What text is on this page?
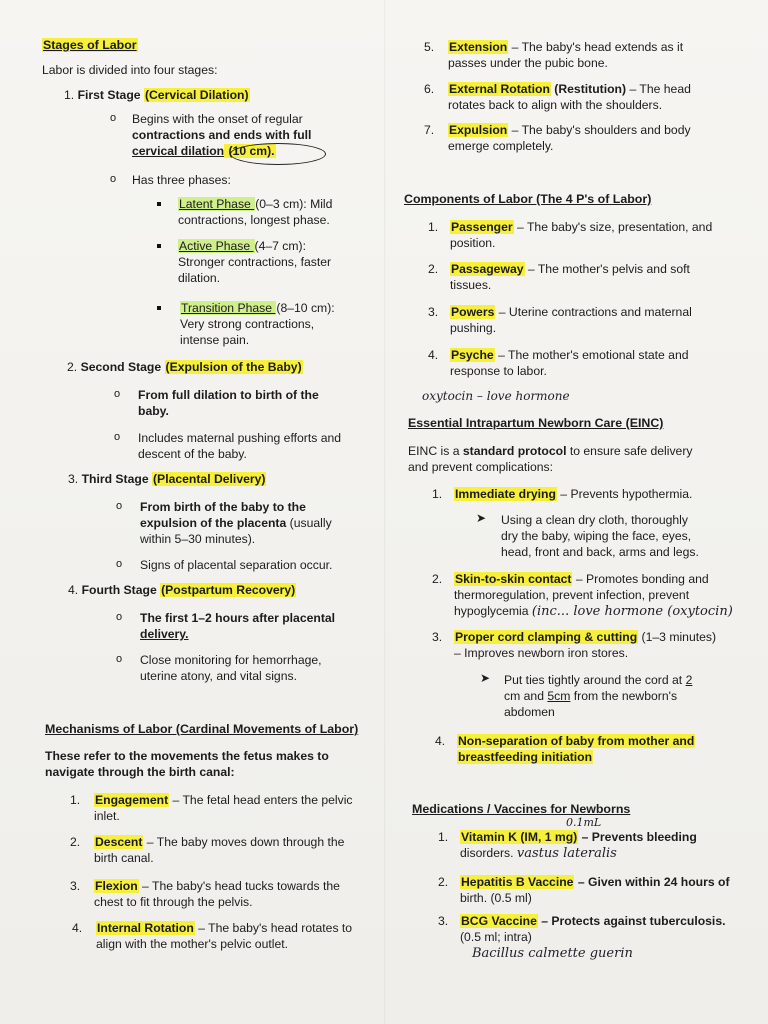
Stages of Labor
Labor is divided into four stages:
1. First Stage (Cervical Dilation)
o Begins with the onset of regular
contractions and ends with full
cervical dilation (10 cm).
o Has three phases:
Latent Phase (0–3 cm): Mild
contractions, longest phase.
Active Phase (4–7 cm):
Stronger contractions, faster
dilation.
Transition Phase (8–10 cm):
Very strong contractions,
intense pain.
2. Second Stage (Expulsion of the Baby)
o From full dilation to birth of the
baby.
o Includes maternal pushing efforts and
descent of the baby.
3. Third Stage (Placental Delivery)
o From birth of the baby to the
expulsion of the placenta (usually
within 5–30 minutes).
o Signs of placental separation occur.
4. Fourth Stage (Postpartum Recovery)
o The first 1–2 hours after placental
delivery.
o Close monitoring for hemorrhage,
uterine atony, and vital signs.
Mechanisms of Labor (Cardinal Movements of Labor)
These refer to the movements the fetus makes to
navigate through the birth canal:
1.	Engagement – The fetal head enters the pelvic
inlet.
2.	Descent – The baby moves down through the
birth canal.
3.	Flexion – The baby's head tucks towards the
chest to fit through the pelvis.
4.	Internal Rotation – The baby's head rotates to
align with the mother's pelvic outlet.
5.	Extension – The baby's head extends as it
passes under the pubic bone.
6.	External Rotation (Restitution) – The head
rotates back to align with the shoulders.
7.	Expulsion – The baby's shoulders and body
emerge completely.
Components of Labor (The 4 P's of Labor)
1.	Passenger – The baby's size, presentation, and
position.
2.	Passageway – The mother's pelvis and soft
tissues.
3.	Powers – Uterine contractions and maternal
pushing.
4.	Psyche – The mother's emotional state and
response to labor.
oxytocin – love hormone
Essential Intrapartum Newborn Care (EINC)
EINC is a standard protocol to ensure safe delivery
and prevent complications:
1.	Immediate drying – Prevents hypothermia.
➤ Using a clean dry cloth, thoroughly
dry the baby, wiping the face, eyes,
head, front and back, arms and legs.
2.	Skin-to-skin contact – Promotes bonding and
thermoregulation, prevent infection, prevent
hypoglycemia (inc... love hormone (oxytocin)
3.	Proper cord clamping & cutting (1–3 minutes)
– Improves newborn iron stores.
➤ Put ties tightly around the cord at 2
cm and 5cm from the newborn's
abdomen
4.	Non-separation of baby from mother and
breastfeeding initiation
Medications / Vaccines for Newborns
0.1mL
1.	Vitamin K (IM, 1 mg) – Prevents bleeding
disorders. vastus lateralis
2.	Hepatitis B Vaccine – Given within 24 hours of
birth. (0.5 ml)
3.	BCG Vaccine – Protects against tuberculosis.
(0.5 ml; intra)
Bacillus calmette guerin
